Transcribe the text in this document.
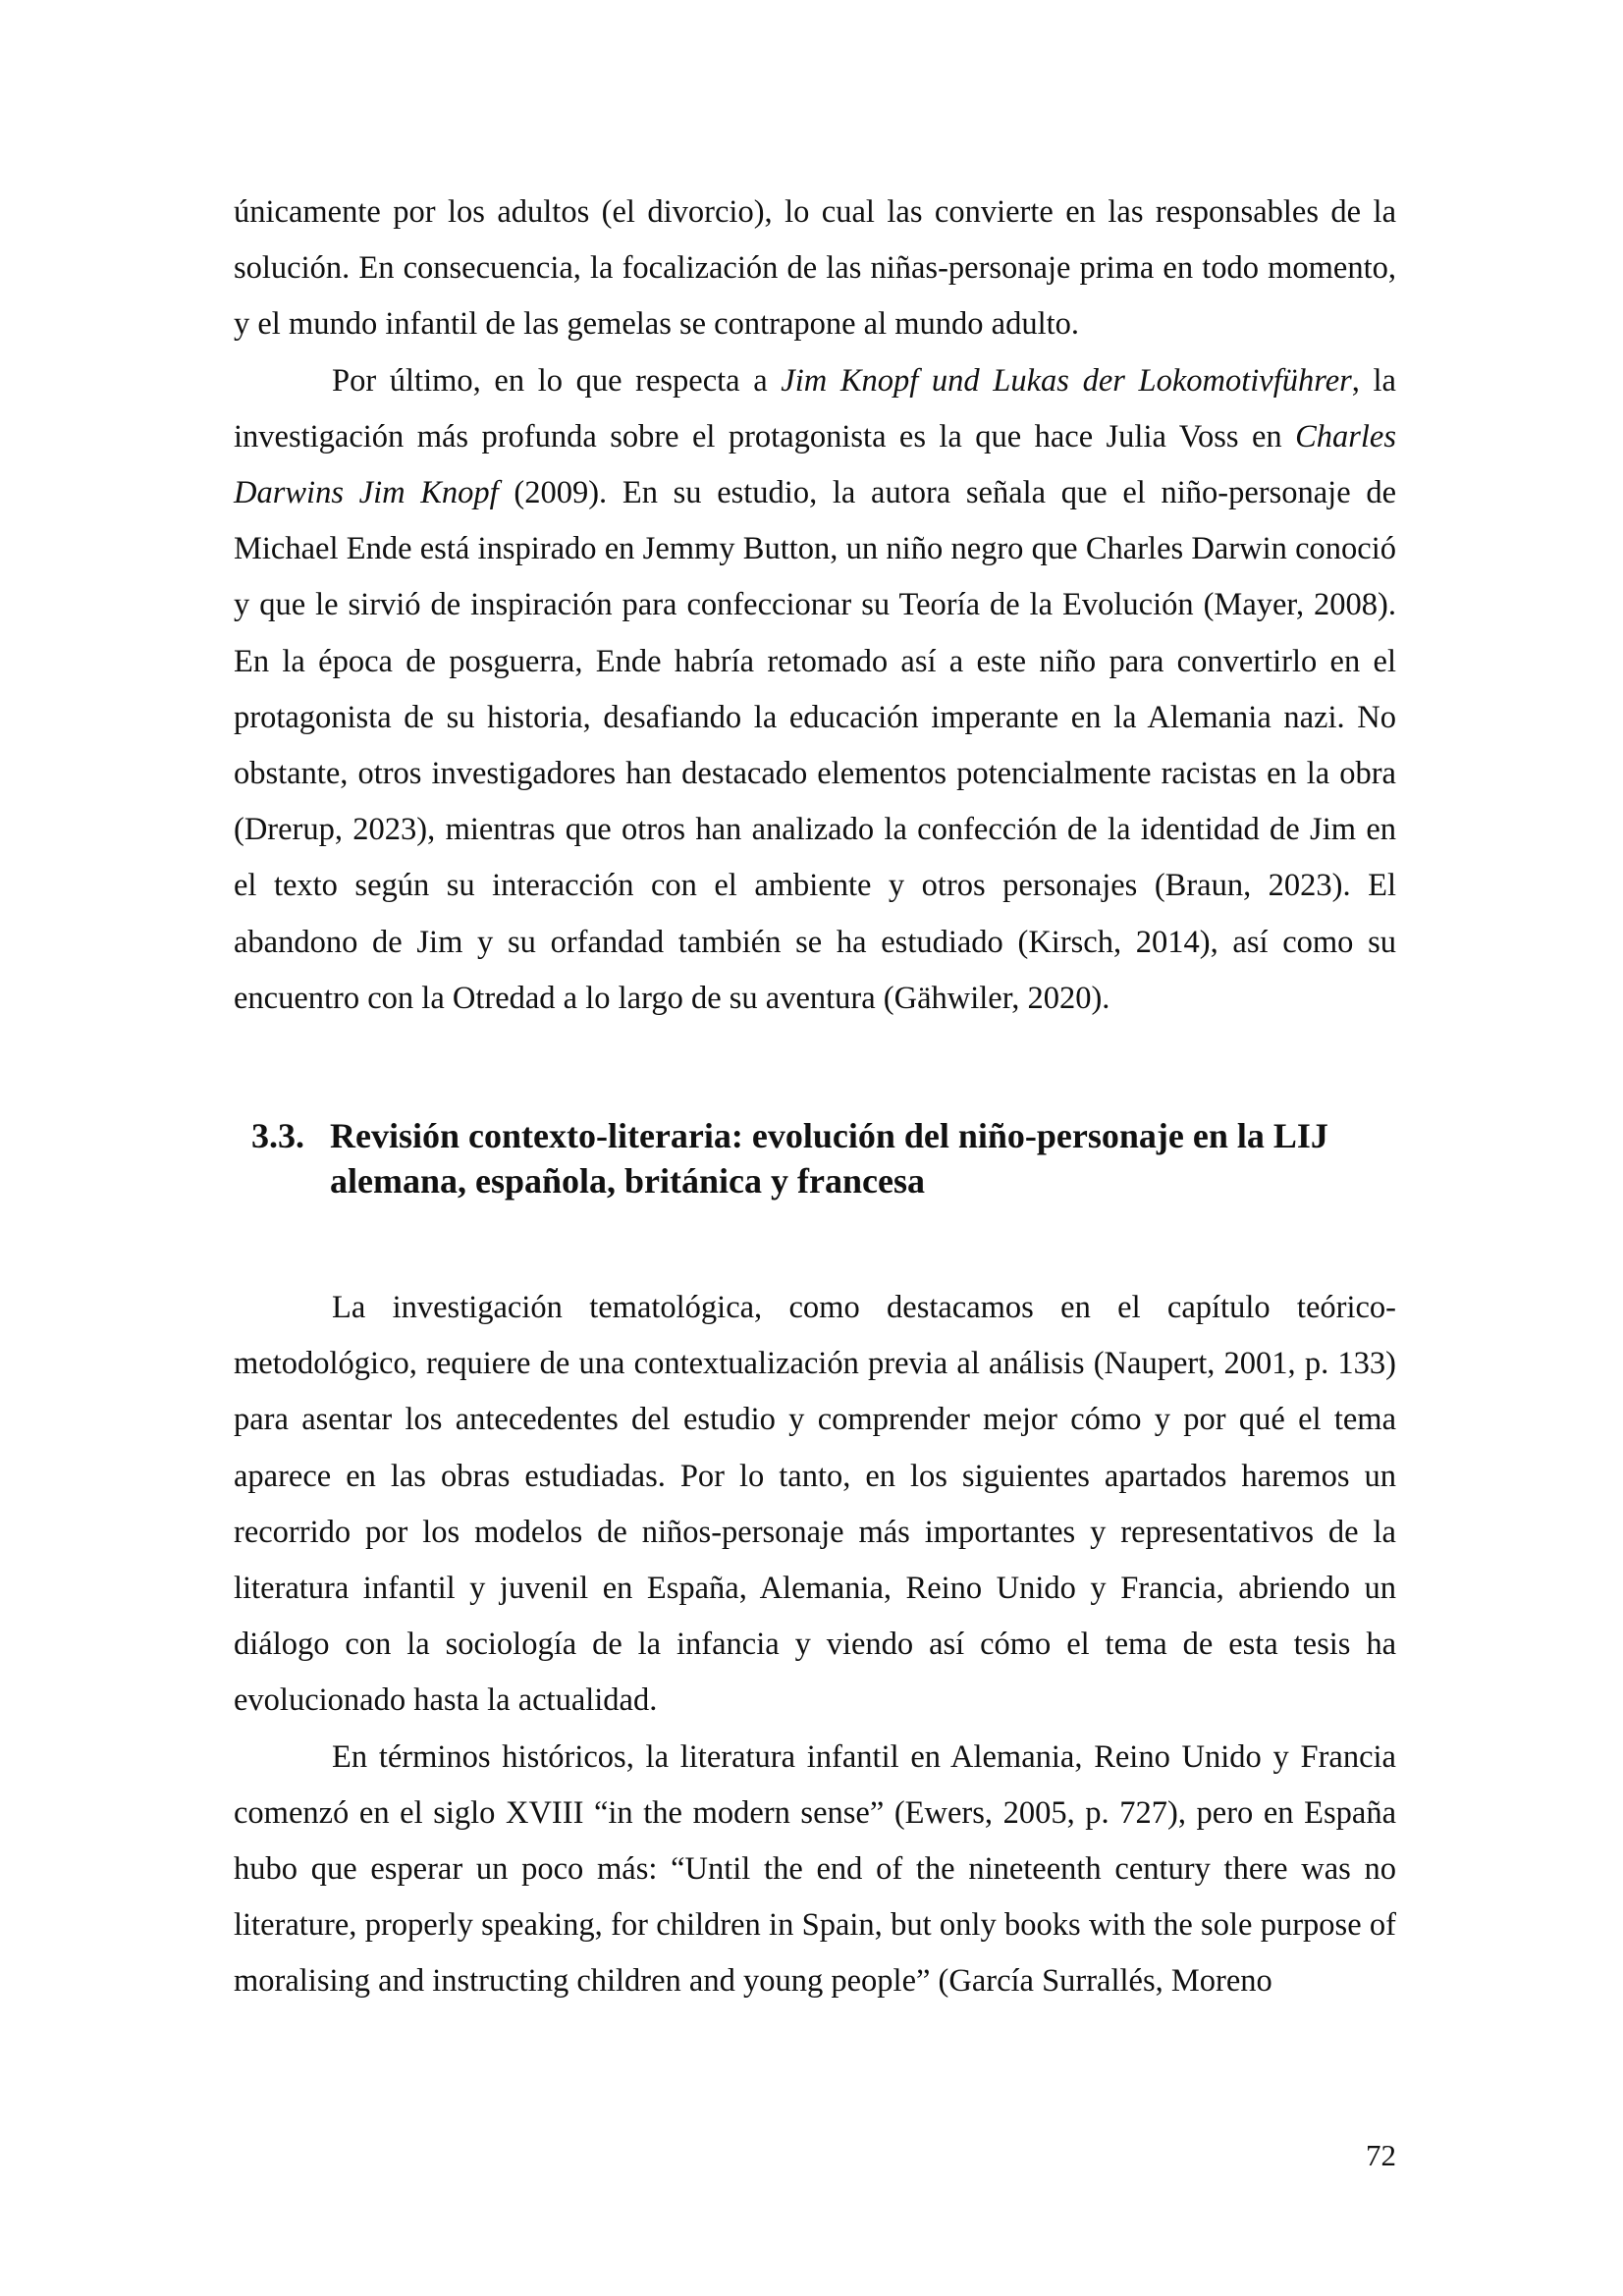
únicamente por los adultos (el divorcio), lo cual las convierte en las responsables de la solución. En consecuencia, la focalización de las niñas-personaje prima en todo momento, y el mundo infantil de las gemelas se contrapone al mundo adulto.

Por último, en lo que respecta a Jim Knopf und Lukas der Lokomotivführer, la investigación más profunda sobre el protagonista es la que hace Julia Voss en Charles Darwins Jim Knopf (2009). En su estudio, la autora señala que el niño-personaje de Michael Ende está inspirado en Jemmy Button, un niño negro que Charles Darwin conoció y que le sirvió de inspiración para confeccionar su Teoría de la Evolución (Mayer, 2008). En la época de posguerra, Ende habría retomado así a este niño para convertirlo en el protagonista de su historia, desafiando la educación imperante en la Alemania nazi. No obstante, otros investigadores han destacado elementos potencialmente racistas en la obra (Drerup, 2023), mientras que otros han analizado la confección de la identidad de Jim en el texto según su interacción con el ambiente y otros personajes (Braun, 2023). El abandono de Jim y su orfandad también se ha estudiado (Kirsch, 2014), así como su encuentro con la Otredad a lo largo de su aventura (Gähwiler, 2020).

3.3. Revisión contexto-literaria: evolución del niño-personaje en la LIJ alemana, española, británica y francesa

La investigación tematológica, como destacamos en el capítulo teórico-metodológico, requiere de una contextualización previa al análisis (Naupert, 2001, p. 133) para asentar los antecedentes del estudio y comprender mejor cómo y por qué el tema aparece en las obras estudiadas. Por lo tanto, en los siguientes apartados haremos un recorrido por los modelos de niños-personaje más importantes y representativos de la literatura infantil y juvenil en España, Alemania, Reino Unido y Francia, abriendo un diálogo con la sociología de la infancia y viendo así cómo el tema de esta tesis ha evolucionado hasta la actualidad.

En términos históricos, la literatura infantil en Alemania, Reino Unido y Francia comenzó en el siglo XVIII “in the modern sense” (Ewers, 2005, p. 727), pero en España hubo que esperar un poco más: “Until the end of the nineteenth century there was no literature, properly speaking, for children in Spain, but only books with the sole purpose of moralising and instructing children and young people” (García Surrallés, Moreno

72
